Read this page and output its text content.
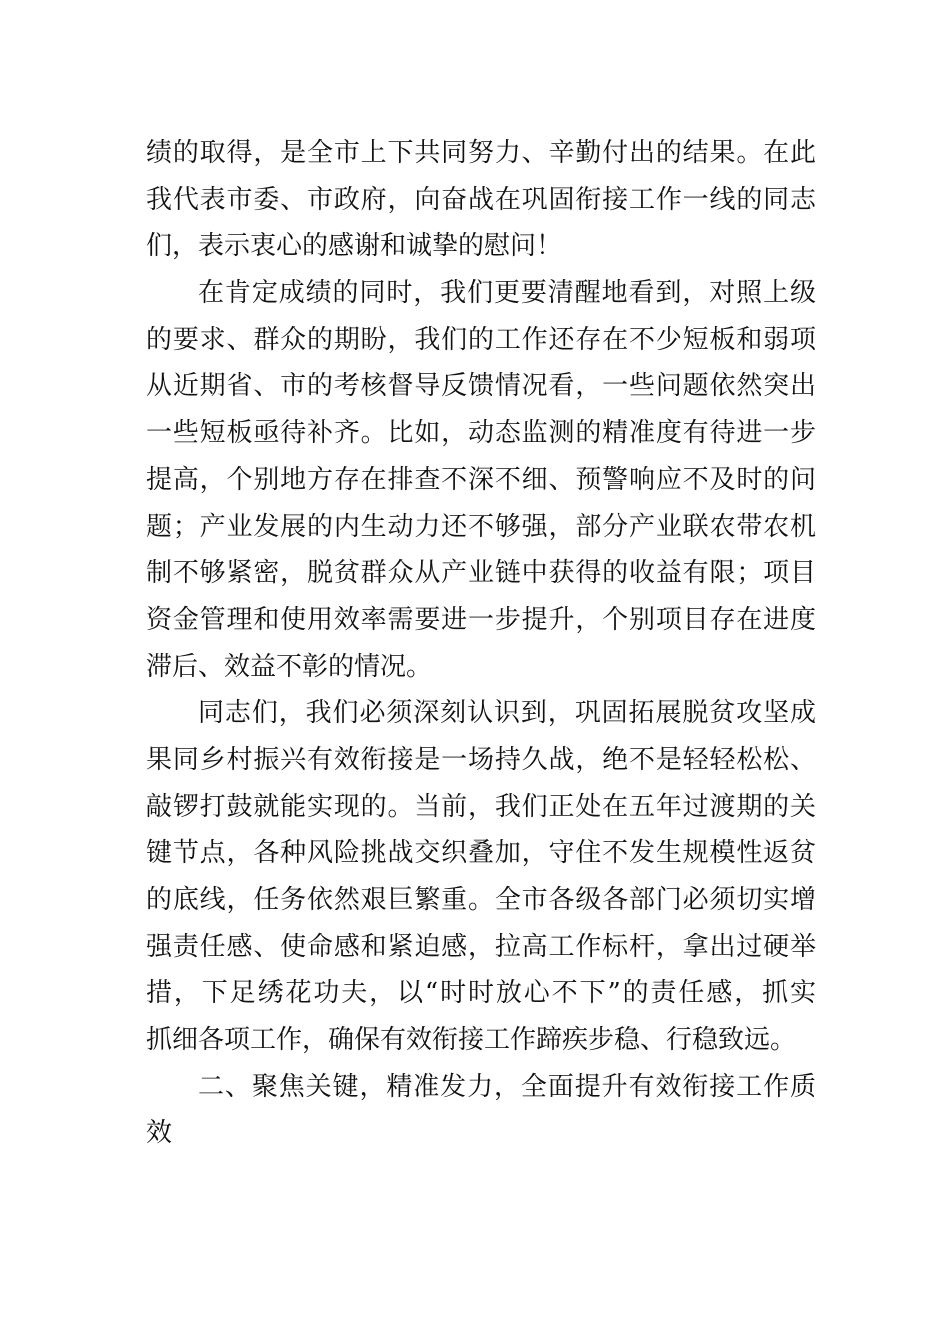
绩的取得，是全市上下共同努力、辛勤付出的结果。在此
我代表市委、市政府，向奋战在巩固衔接工作一线的同志
们，表示衷心的感谢和诚挚的慰问！
在肯定成绩的同时，我们更要清醒地看到，对照上级
的要求、群众的期盼，我们的工作还存在不少短板和弱项
从近期省、市的考核督导反馈情况看，一些问题依然突出
一些短板亟待补齐。比如，动态监测的精准度有待进一步
提高，个别地方存在排查不深不细、预警响应不及时的问
题；产业发展的内生动力还不够强，部分产业联农带农机
制不够紧密，脱贫群众从产业链中获得的收益有限；项目
资金管理和使用效率需要进一步提升，个别项目存在进度
滞后、效益不彰的情况。
同志们，我们必须深刻认识到，巩固拓展脱贫攻坚成
果同乡村振兴有效衔接是一场持久战，绝不是轻轻松松、
敲锣打鼓就能实现的。当前，我们正处在五年过渡期的关
键节点，各种风险挑战交织叠加，守住不发生规模性返贫
的底线，任务依然艰巨繁重。全市各级各部门必须切实增
强责任感、使命感和紧迫感，拉高工作标杆，拿出过硬举
措，下足绣花功夫，以“时时放心不下”的责任感，抓实
抓细各项工作，确保有效衔接工作蹄疾步稳、行稳致远。
二、聚焦关键，精准发力，全面提升有效衔接工作质
效
